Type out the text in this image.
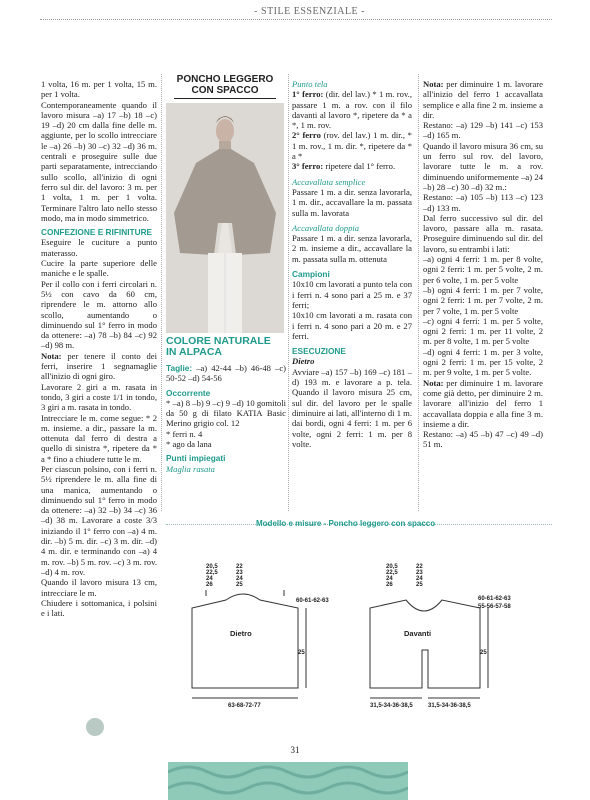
- STILE ESSENZIALE -

1 volta, 16 m. per 1 volta, 15 m. per 1 volta.

Contemporaneamente quando il lavoro misura –a) 17 –b) 18 –c) 19 –d) 20 cm dalla fine delle m. aggiunte, per lo scollo intrecciare le –a) 26 –b) 30 –c) 32 –d) 36 m. centrali e proseguire sulle due parti separatamente, intrecciando sullo scollo, all'inizio di ogni ferro sul dir. del lavoro: 3 m. per 1 volta, 1 m. per 1 volta. Terminare l'altro lato nello stesso modo, ma in modo simmetrico.

CONFEZIONE E RIFINITURE

Eseguire le cuciture a punto materasso.

Cucire la parte superiore delle maniche e le spalle.

Per il collo con i ferri circolari n. 5½ con cavo da 60 cm, riprendere le m. attorno allo scollo, aumentando o diminuendo sul 1° ferro in modo da ottenere: –a) 78 –b) 84 –c) 92 –d) 98 m.

Nota: per tenere il conto dei ferri, inserire 1 segnamaglie all'inizio di ogni giro.

Lavorare 2 giri a m. rasata in tondo, 3 giri a coste 1/1 in tondo, 3 giri a m. rasata in tondo.

Intrecciare le m. come segue: * 2 m. insieme. a dir., passare la m. ottenuta dal ferro di destra a quello di sinistra *, ripetere da * a * fino a chiudere tutte le m.

Per ciascun polsino, con i ferri n. 5½ riprendere le m. alla fine di una manica, aumentando o diminuendo sul 1° ferro in modo da ottenere: –a) 32 –b) 34 –c) 36 –d) 38 m. Lavorare a coste 3/3 iniziando il 1° ferro con –a) 4 m. dir. –b) 5 m. dir. –c) 3 m. dir. –d) 4 m. dir. e terminando con –a) 4 m. rov. –b) 5 m. rov. –c) 3 m. rov. –d) 4 m. rov.

Quando il lavoro misura 13 cm, intrecciare le m.

Chiudere i sottomanica, i polsini e i lati.

PONCHO LEGGERO

CON SPACCO

COLORE NATURALE
IN ALPACA

Taglie: –a) 42-44 –b) 46-48 –c) 50-52 –d) 54-56

Occorrente

* –a) 8 –b) 9 –c) 9 –d) 10 gomitoli da 50 g di filato KATIA Basic Merino grigio col. 12

* ferri n. 4

* ago da lana

Punti impiegati

Maglia rasata

Punto tela

1° ferro: (dir. del lav.) * 1 m. rov., passare 1 m. a rov. con il filo davanti al lavoro *, ripetere da * a *, 1 m. rov.

2° ferro (rov. del lav.) 1 m. dir., * 1 m. rov., 1 m. dir. *, ripetere da * a *

3° ferro: ripetere dal 1° ferro.

Accavallata semplice

Passare 1 m. a dir. senza lavorarla, 1 m. dir., accavallare la m. passata sulla m. lavorata

Accavallata doppia

Passare 1 m. a dir. senza lavorarla, 2 m. insieme a dir., accavallare la m. passata sulla m. ottenuta

Campioni

10x10 cm lavorati a punto tela con i ferri n. 4 sono pari a 25 m. e 37 ferri;

10x10 cm lavorati a m. rasata con i ferri n. 4 sono pari a 20 m. e 27 ferri.

ESECUZIONE

Dietro

Avviare –a) 157 –b) 169 –c) 181 –d) 193 m. e lavorare a p. tela. Quando il lavoro misura 25 cm, sul dir. del lavoro per le spalle diminuire ai lati, all'interno di 1 m. dai bordi, ogni 4 ferri: 1 m. per 6 volte, ogni 2 ferri: 1 m. per 8 volte.

Nota: per diminuire 1 m. lavorare all'inizio del ferro 1 accavallata semplice e alla fine 2 m. insieme a dir.

Restano: –a) 129 –b) 141 –c) 153 –d) 165 m.

Quando il lavoro misura 36 cm, su un ferro sul rov. del lavoro, lavorare tutte le m. a rov. diminuendo uniformemente –a) 24 –b) 28 –c) 30 –d) 32 m.:

Restano: –a) 105 –b) 113 –c) 123 –d) 133 m.

Dal ferro successivo sul dir. del lavoro, passare alla m. rasata. Proseguire diminuendo sul dir. del lavoro, su entrambi i lati:

–a) ogni 4 ferri: 1 m. per 8 volte, ogni 2 ferri: 1 m. per 5 volte, 2 m. per 6 volte, 1 m. per 5 volte

–b) ogni 4 ferri: 1 m. per 7 volte, ogni 2 ferri: 1 m. per 7 volte, 2 m. per 7 volte, 1 m. per 5 volte

–c) ogni 4 ferri: 1 m. per 5 volte, ogni 2 ferri: 1 m. per 11 volte, 2 m. per 8 volte, 1 m. per 5 volte

–d) ogni 4 ferri: 1 m. per 3 volte, ogni 2 ferri: 1 m. per 15 volte, 2 m. per 9 volte, 1 m. per 5 volte.

Nota: per diminuire 1 m. lavorare come già detto, per diminuire 2 m. lavorare all'inizio del ferro 1 accavallata doppia e alla fine 3 m. insieme a dir.

Restano: –a) 45 –b) 47 –c) 49 –d) 51 m.

Modello e misure - Poncho leggero con spacco
Dietro
20,5
22,5
24
26
22
23
24
25
60-61-62-63
25
63-68-72-77
Davanti
20,5
22,5
24
26
22
23
24
25
60-61-62-63
55-56-57-58
25
31,5-34-36-38,5	31,5-34-36-38,5
31
PassionForum.ru
